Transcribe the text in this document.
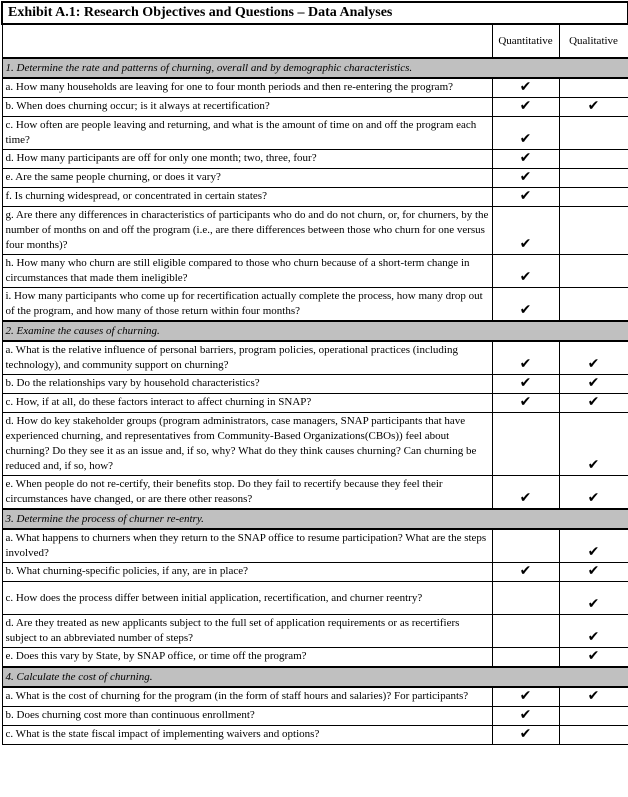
Exhibit A.1: Research Objectives and Questions – Data Analyses		
	Quantitative	Qualitative
1. Determine the rate and patterns of churning, overall and by demographic characteristics.		
a. How many households are leaving for one to four month periods and then re-entering the program?	✔	
b. When does churning occur; is it always at recertification?	✔	✔
c. How often are people leaving and returning, and what is the amount of time on and off the program each time?	✔	
d. How many participants are off for only one month; two, three, four?	✔	
e. Are the same people churning, or does it vary?	✔	
f. Is churning widespread, or concentrated in certain states?	✔	
g. Are there any differences in characteristics of participants who do and do not churn, or, for churners, by the number of months on and off the program (i.e., are there differences between those who churn for one versus four months)?	✔	
h. How many who churn are still eligible compared to those who churn because of a short-term change in circumstances that made them ineligible?	✔	
i. How many participants who come up for recertification actually complete the process, how many drop out of the program, and how many of those return within four months?	✔	
2. Examine the causes of churning.		
a. What is the relative influence of personal barriers, program policies, operational practices (including technology), and community support on churning?	✔	✔
b. Do the relationships vary by household characteristics?	✔	✔
c. How, if at all, do these factors interact to affect churning in SNAP?	✔	✔
d. How do key stakeholder groups (program administrators, case managers, SNAP participants that have experienced churning, and representatives from Community-Based Organizations(CBOs)) feel about churning? Do they see it as an issue and, if so, why? What do they think causes churning? Can churning be reduced and, if so, how?		✔
e. When people do not re-certify, their benefits stop. Do they fail to recertify because they feel their circumstances have changed, or are there other reasons?	✔	✔
3. Determine the process of churner re-entry.		
a. What happens to churners when they return to the SNAP office to resume participation? What are the steps involved?		✔
b. What churning-specific policies, if any, are in place?	✔	✔
c. How does the process differ between initial application, recertification, and churner reentry?		✔
d. Are they treated as new applicants subject to the full set of application requirements or as recertifiers subject to an abbreviated number of steps?		✔
e. Does this vary by State, by SNAP office, or time off the program?		✔
4. Calculate the cost of churning.		
a. What is the cost of churning for the program (in the form of staff hours and salaries)? For participants?	✔	✔
b. Does churning cost more than continuous enrollment?	✔	
c. What is the state fiscal impact of implementing waivers and options?	✔	
